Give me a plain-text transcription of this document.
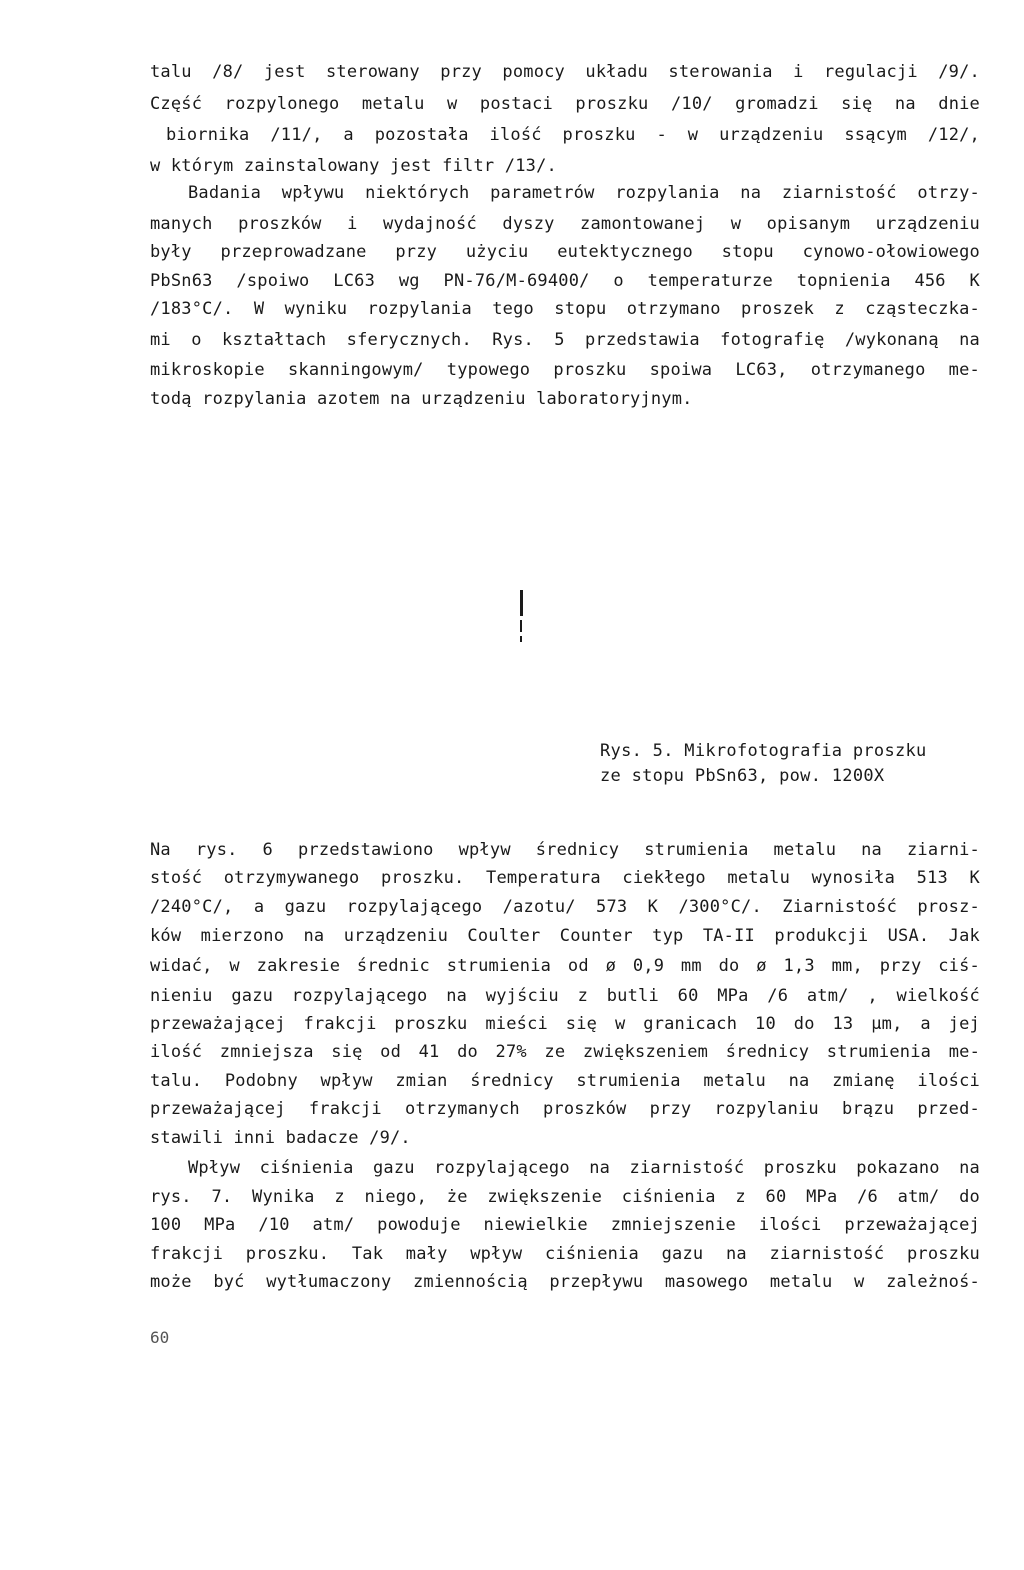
talu /8/ jest sterowany przy pomocy układu sterowania i regulacji /9/.
Część rozpylonego metalu w postaci proszku /10/ gromadzi się na dnie
biornika /11/, a pozostała ilość proszku - w urządzeniu ssącym /12/,
w którym zainstalowany jest filtr /13/.
Badania wpływu niektórych parametrów rozpylania na ziarnistość otrzy-
manych proszków i wydajność dyszy zamontowanej w opisanym urządzeniu
były przeprowadzane przy użyciu eutektycznego stopu cynowo-ołowiowego
PbSn63 /spoiwo LC63 wg PN-76/M-69400/ o temperaturze topnienia 456 K
/183°C/. W wyniku rozpylania tego stopu otrzymano proszek z cząsteczka-
mi o kształtach sferycznych. Rys. 5 przedstawia fotografię /wykonaną na
mikroskopie skanningowym/ typowego proszku spoiwa LC63, otrzymanego me-
todą rozpylania azotem na urządzeniu laboratoryjnym.
Rys. 5. Mikrofotografia proszku
ze stopu PbSn63, pow. 1200X
Na rys. 6 przedstawiono wpływ średnicy strumienia metalu na ziarni-
stość otrzymywanego proszku. Temperatura ciekłego metalu wynosiła 513 K
/240°C/, a gazu rozpylającego /azotu/ 573 K /300°C/. Ziarnistość prosz-
ków mierzono na urządzeniu Coulter Counter typ TA-II produkcji USA. Jak
widać, w zakresie średnic strumienia od ø 0,9 mm do ø 1,3 mm, przy ciś-
nieniu gazu rozpylającego na wyjściu z butli 60 MPa /6 atm/ , wielkość
przeważającej frakcji proszku mieści się w granicach 10 do 13 µm, a jej
ilość zmniejsza się od 41 do 27% ze zwiększeniem średnicy strumienia me-
talu. Podobny wpływ zmian średnicy strumienia metalu na zmianę ilości
przeważającej frakcji otrzymanych proszków przy rozpylaniu brązu przed-
stawili inni badacze /9/.
Wpływ ciśnienia gazu rozpylającego na ziarnistość proszku pokazano na
rys. 7. Wynika z niego, że zwiększenie ciśnienia z 60 MPa /6 atm/ do
100 MPa /10 atm/ powoduje niewielkie zmniejszenie ilości przeważającej
frakcji proszku. Tak mały wpływ ciśnienia gazu na ziarnistość proszku
może być wytłumaczony zmiennością przepływu masowego metalu w zależnoś-
60
